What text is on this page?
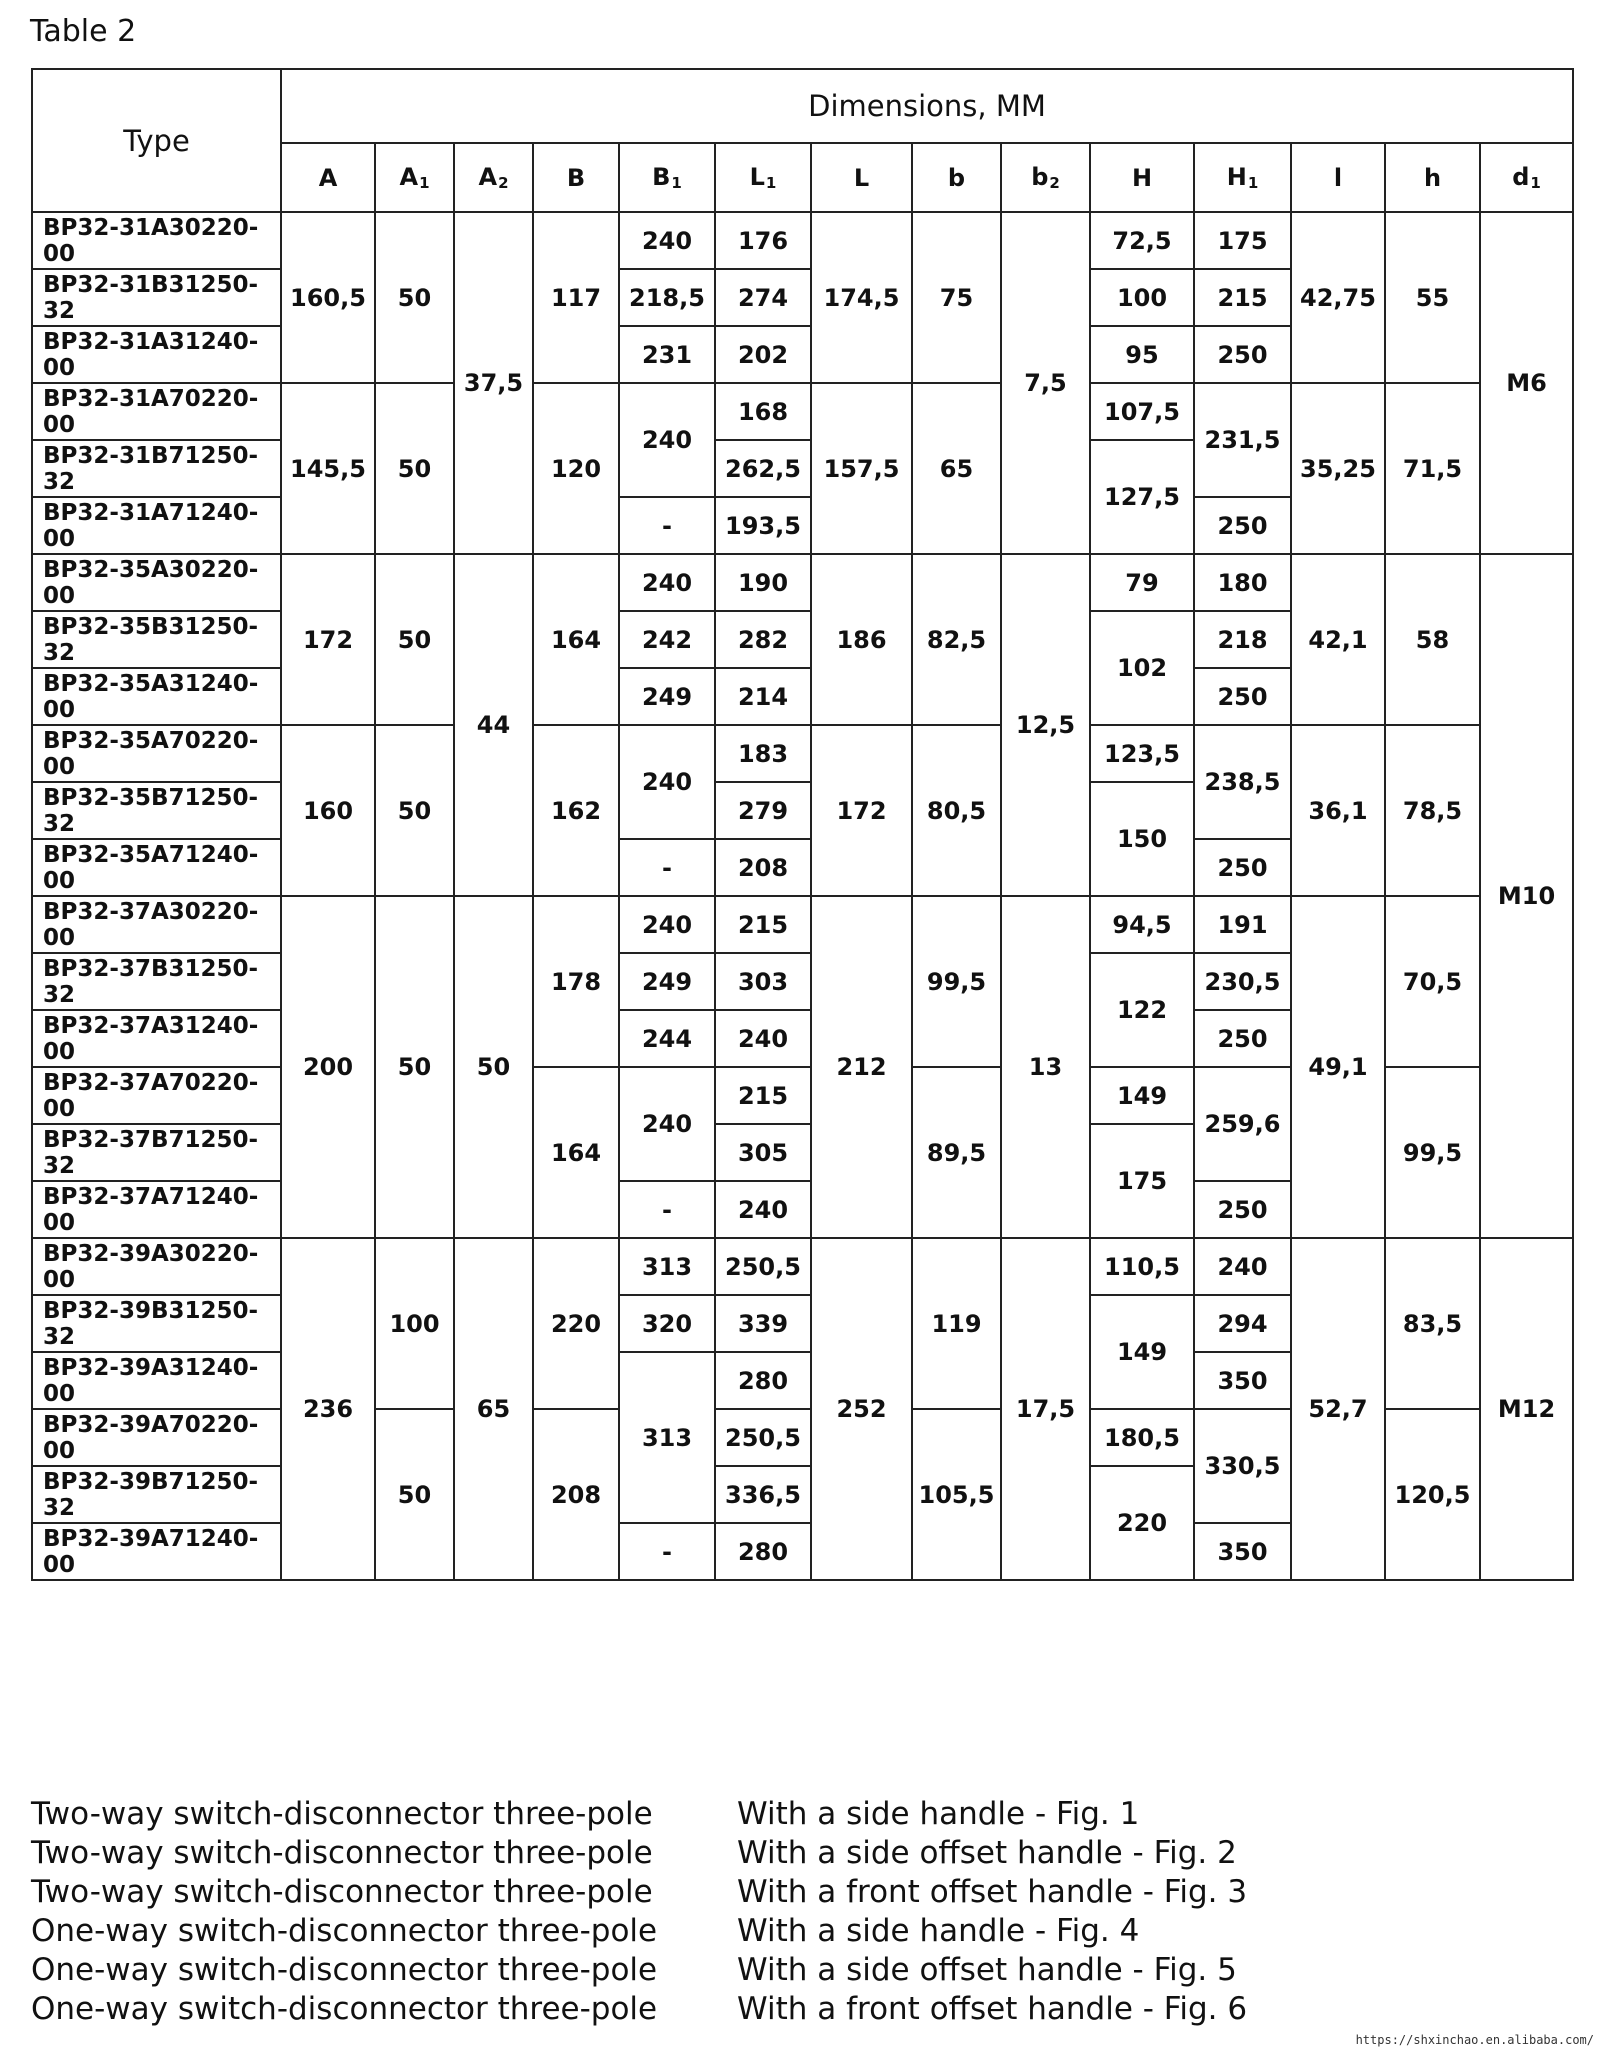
Table 2
Type	Dimensions, MM													
	A	$A_1$	$A_2$	B	$B_1$	$L_1$	L	b	$b_2$	H	$H_1$	l	h	$d_1$
BP32-31A30220-00	160,5	50	37,5	117	240	176	174,5	75	7,5	72,5	175	42,75	55	M6
BP32-31B31250-32					218,5	274				100	215			
BP32-31A31240-00					231	202				95	250			
BP32-31A70220-00	145,5	50		120	240	168	157,5	65		107,5	231,5	35,25	71,5	
BP32-31B71250-32						262,5				127,5				
BP32-31A71240-00					-	193,5					250			
BP32-35A30220-00	172	50	44	164	240	190	186	82,5	12,5	79	180	42,1	58	M10
BP32-35B31250-32					242	282				102	218			
BP32-35A31240-00					249	214					250			
BP32-35A70220-00	160	50		162	240	183	172	80,5		123,5	238,5	36,1	78,5	
BP32-35B71250-32						279				150				
BP32-35A71240-00					-	208					250			
BP32-37A30220-00	200	50	50	178	240	215	212	99,5	13	94,5	191	49,1	70,5	
BP32-37B31250-32					249	303				122	230,5			
BP32-37A31240-00					244	240					250			
BP32-37A70220-00				164	240	215		89,5		149	259,6		99,5	
BP32-37B71250-32						305				175				
BP32-37A71240-00					-	240					250			
BP32-39A30220-00	236	100	65	220	313	250,5	252	119	17,5	110,5	240	52,7	83,5	M12
BP32-39B31250-32					320	339				149	294			
BP32-39A31240-00					313	280					350			
BP32-39A70220-00		50		208		250,5		105,5		180,5	330,5		120,5	
BP32-39B71250-32						336,5				220				
BP32-39A71240-00					-	280					350			
Two-way switch-disconnector three-pole	With a side handle - Fig. 1
Two-way switch-disconnector three-pole	With a side offset handle - Fig. 2
Two-way switch-disconnector three-pole	With a front offset handle - Fig. 3
One-way switch-disconnector three-pole	With a side handle - Fig. 4
One-way switch-disconnector three-pole	With a side offset handle - Fig. 5
One-way switch-disconnector three-pole	With a front offset handle - Fig. 6
https://shxinchao.en.alibaba.com/
